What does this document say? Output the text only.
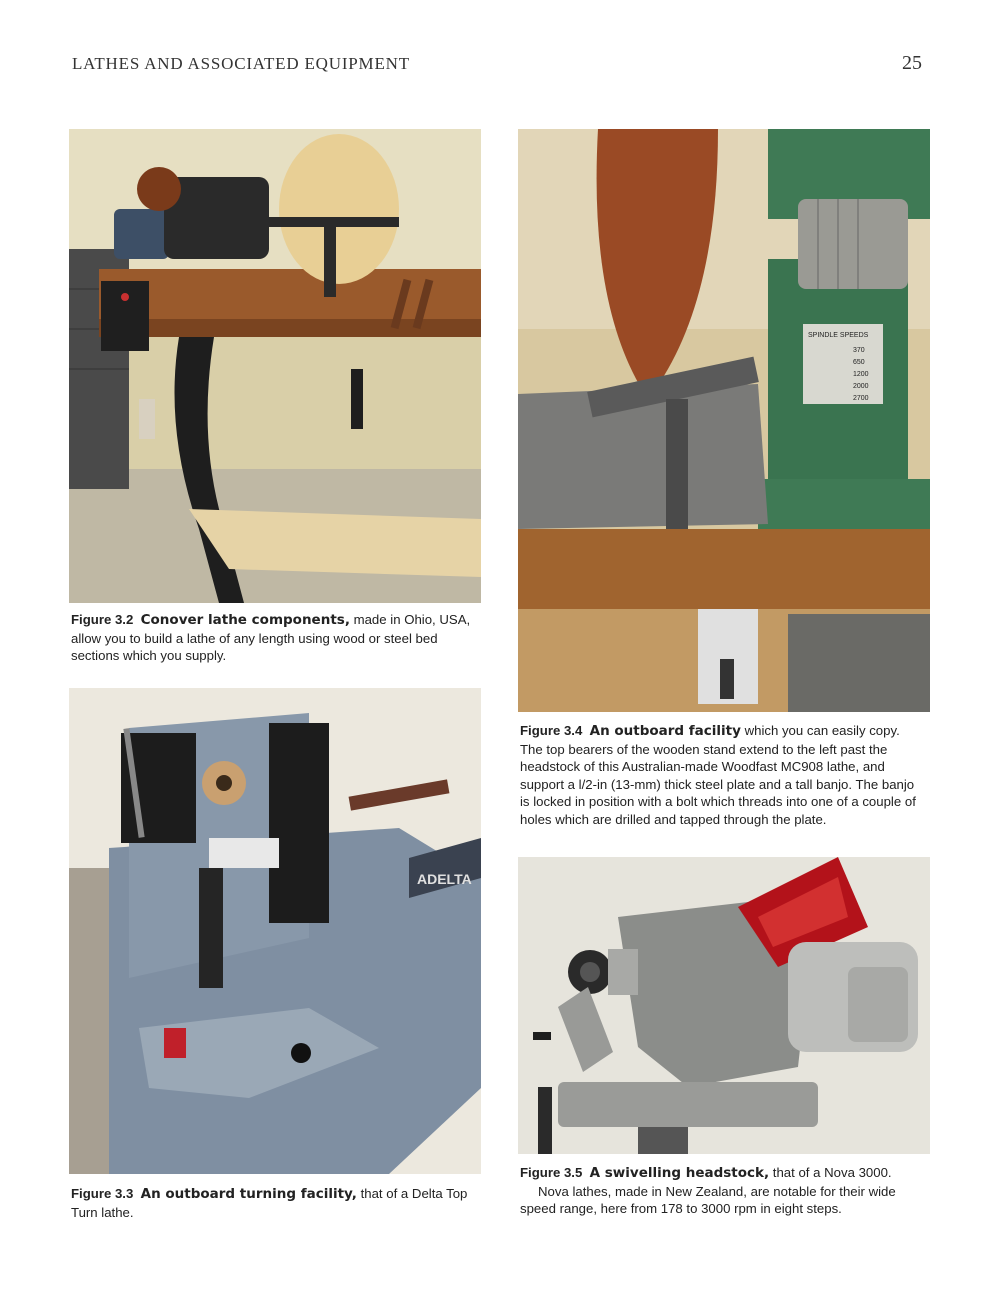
LATHES AND ASSOCIATED EQUIPMENT	25
Figure 3.2 Conover lathe components, made in Ohio, USA, allow you to build a lathe of any length using wood or steel bed sections which you supply.
ADELTA
Figure 3.3 An outboard turning facility, that of a Delta Top Turn lathe.
SPINDLE SPEEDS
370
650
1200
2000
2700
Figure 3.4 An outboard facility which you can easily copy. The top bearers of the wooden stand extend to the left past the headstock of this Australian-made Woodfast MC908 lathe, and support a l/2-in (13-mm) thick steel plate and a tall banjo. The banjo is locked in position with a bolt which threads into one of a couple of holes which are drilled and tapped through the plate.
Figure 3.5 A swivelling headstock, that of a Nova 3000.
Nova lathes, made in New Zealand, are notable for their wide speed range, here from 178 to 3000 rpm in eight steps.
